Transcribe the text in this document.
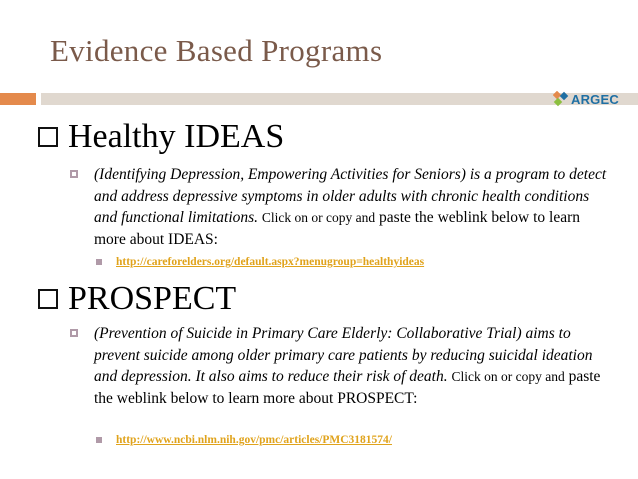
Evidence Based Programs
ARGEC
Healthy IDEAS
(Identifying Depression, Empowering Activities for Seniors) is a program to detect and address depressive symptoms in older adults with chronic health conditions and functional limitations. Click on or copy and paste the weblink below to learn more about IDEAS:
http://careforelders.org/default.aspx?menugroup=healthyideas
PROSPECT
(Prevention of Suicide in Primary Care Elderly: Collaborative Trial) aims to prevent suicide among older primary care patients by reducing suicidal ideation and depression. It also aims to reduce their risk of death. Click on or copy and paste the weblink below to learn more about PROSPECT:
http://www.ncbi.nlm.nih.gov/pmc/articles/PMC3181574/
